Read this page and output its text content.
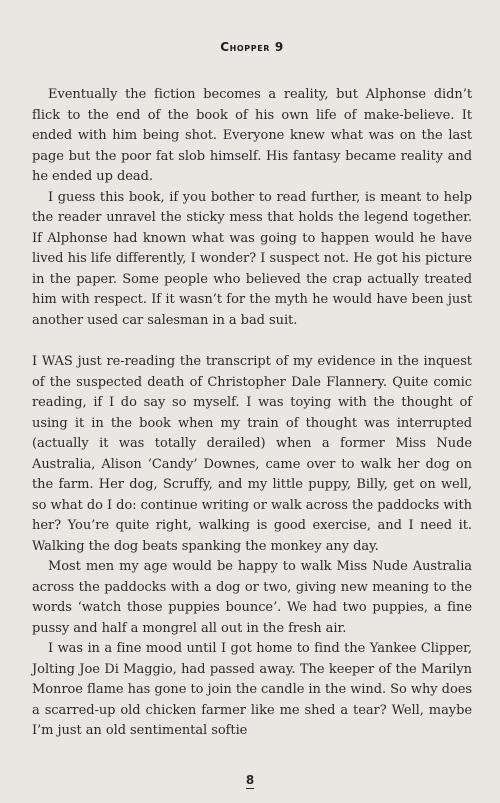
Chopper 9

Eventually the fiction becomes a reality, but Alphonse didn’t flick to the end of the book of his own life of make-believe. It ended with him being shot. Everyone knew what was on the last page but the poor fat slob himself. His fantasy became reality and he ended up dead.

I guess this book, if you bother to read further, is meant to help the reader unravel the sticky mess that holds the legend together. If Alphonse had known what was going to happen would he have lived his life differently, I wonder? I suspect not. He got his picture in the paper. Some people who believed the crap actually treated him with respect. If it wasn’t for the myth he would have been just another used car salesman in a bad suit.

I WAS just re-reading the transcript of my evidence in the inquest of the suspected death of Christopher Dale Flannery. Quite comic reading, if I do say so myself. I was toying with the thought of using it in the book when my train of thought was interrupted (actually it was totally derailed) when a former Miss Nude Australia, Alison ‘Candy’ Downes, came over to walk her dog on the farm. Her dog, Scruffy, and my little puppy, Billy, get on well, so what do I do: continue writing or walk across the paddocks with her? You’re quite right, walking is good exercise, and I need it. Walking the dog beats spanking the monkey any day.

Most men my age would be happy to walk Miss Nude Australia across the paddocks with a dog or two, giving new meaning to the words ‘watch those puppies bounce’. We had two puppies, a fine pussy and half a mongrel all out in the fresh air.

I was in a fine mood until I got home to find the Yankee Clipper, Jolting Joe Di Maggio, had passed away. The keeper of the Marilyn Monroe flame has gone to join the candle in the wind. So why does a scarred-up old chicken farmer like me shed a tear? Well, maybe I’m just an old sentimental softie

8
